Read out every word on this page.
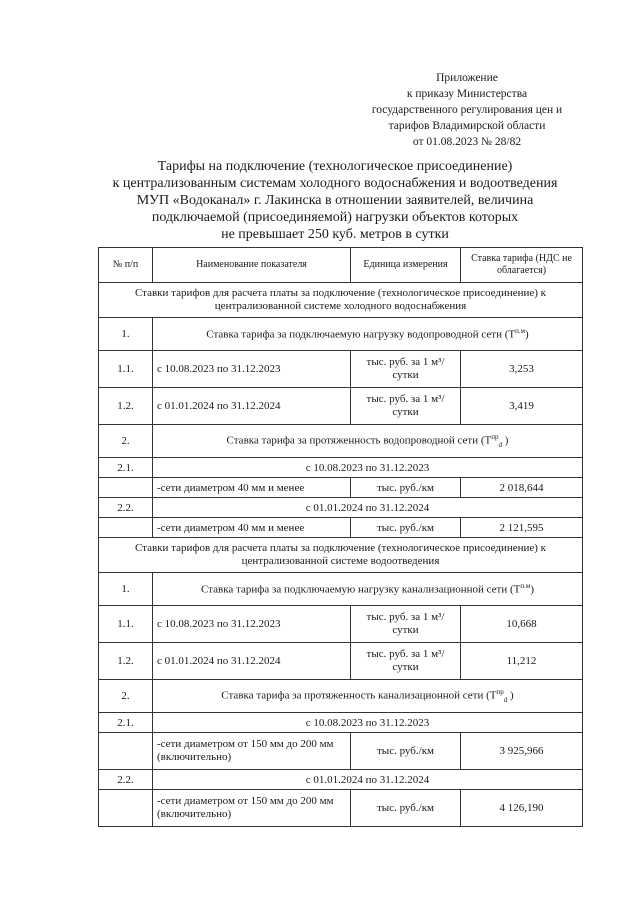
Приложение
к приказу Министерства
государственного регулирования цен и
тарифов Владимирской области
от 01.08.2023 № 28/82
Тарифы на подключение (технологическое присоединение)
к централизованным системам холодного водоснабжения и водоотведения
МУП «Водоканал» г. Лакинска в отношении заявителей, величина
подключаемой (присоединяемой) нагрузки объектов которых
не превышает 250 куб. метров в сутки
№ п/п	Наименование показателя	Единица измерения	Ставка тарифа (НДС не облагается)
Ставки тарифов для расчета платы за подключение (технологическое присоединение) к централизованной системе холодного водоснабжения			
1.	Ставка тарифа за подключаемую нагрузку водопроводной сети $(Т^{п.м})$		
1.1.	с 10.08.2023 по 31.12.2023	тыс. руб. за 1 м³/сутки	3,253
1.2.	с 01.01.2024 по 31.12.2024	тыс. руб. за 1 м³/сутки	3,419
2.	Ставка тарифа за протяженность водопроводной сети ($Т^{пр}_d$ )		
2.1.	с 10.08.2023 по 31.12.2023		
	-сети диаметром 40 мм и менее	тыс. руб./км	2 018,644
2.2.	с 01.01.2024 по 31.12.2024		
	-сети диаметром 40 мм и менее	тыс. руб./км	2 121,595
Ставки тарифов для расчета платы за подключение (технологическое присоединение) к централизованной системе водоотведения			
1.	Ставка тарифа за подключаемую нагрузку канализационной сети $(Т^{п.м})$		
1.1.	с 10.08.2023 по 31.12.2023	тыс. руб. за 1 м³/сутки	10,668
1.2.	с 01.01.2024 по 31.12.2024	тыс. руб. за 1 м³/сутки	11,212
2.	Ставка тарифа за протяженность канализационной сети ($Т^{пр}_d$ )		
2.1.	с 10.08.2023 по 31.12.2023		
	-сети диаметром от 150 мм до 200 мм (включительно)	тыс. руб./км	3 925,966
2.2.	с 01.01.2024 по 31.12.2024		
	-сети диаметром от 150 мм до 200 мм (включительно)	тыс. руб./км	4 126,190
